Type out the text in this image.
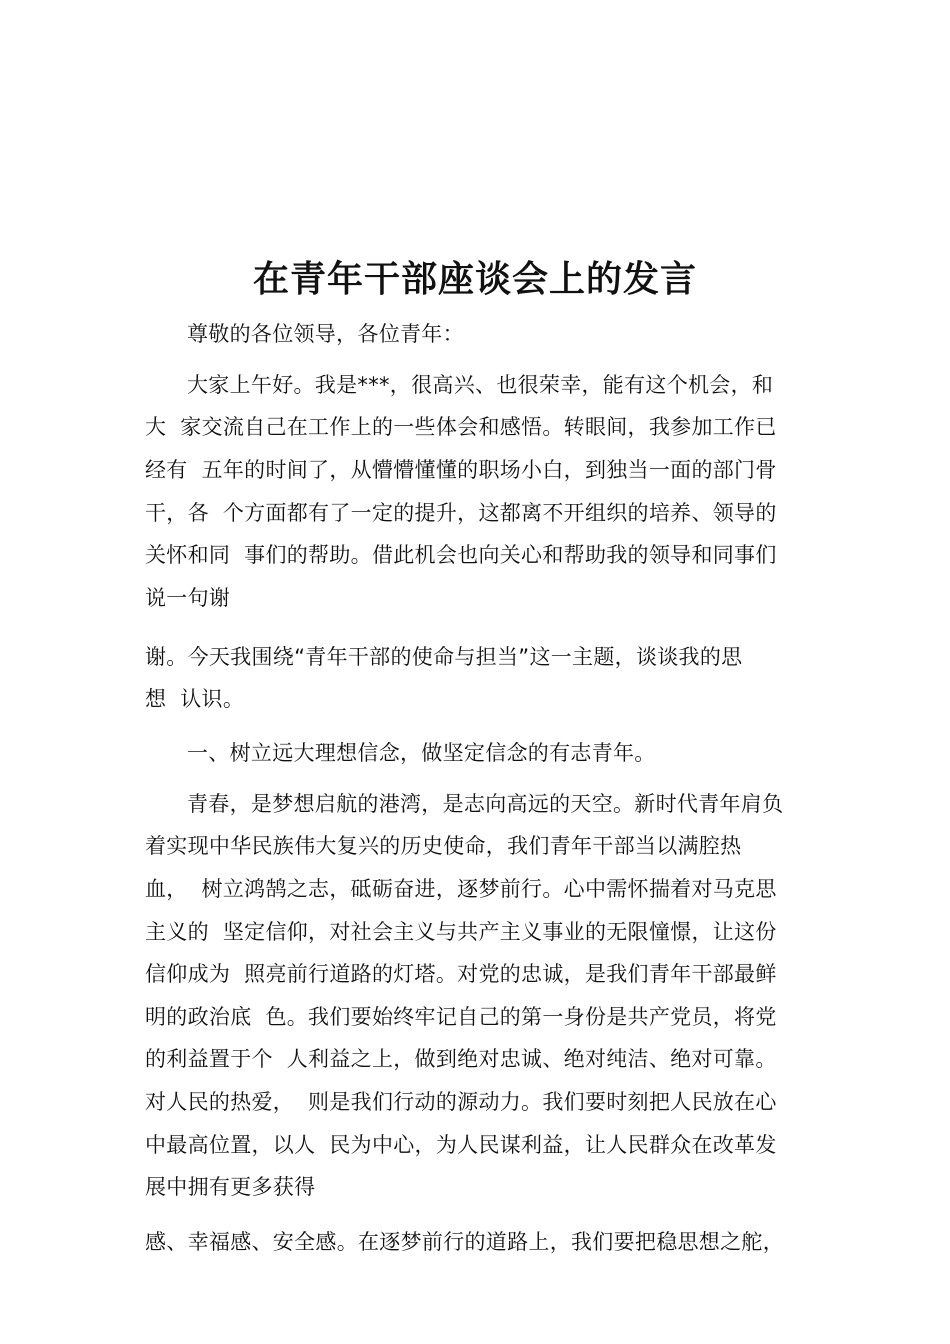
在青年干部座谈会上的发言

尊敬的各位领导，各位青年：

大家上午好。我是***，很高兴、也很荣幸，能有这个机会，和

大  家交流自己在工作上的一些体会和感悟。转眼间，我参加工作已

经有  五年的时间了，从懵懵懂懂的职场小白，到独当一面的部门骨

干，各  个方面都有了一定的提升，这都离不开组织的培养、领导的

关怀和同  事们的帮助。借此机会也向关心和帮助我的领导和同事们

说一句谢

谢。今天我围绕“青年干部的使命与担当”这一主题，谈谈我的思

想  认识。

一、树立远大理想信念，做坚定信念的有志青年。

青春，是梦想启航的港湾，是志向高远的天空。新时代青年肩负

着实现中华民族伟大复兴的历史使命，我们青年干部当以满腔热

血，  树立鸿鹄之志，砥砺奋进，逐梦前行。心中需怀揣着对马克思

主义的  坚定信仰，对社会主义与共产主义事业的无限憧憬，让这份

信仰成为  照亮前行道路的灯塔。对党的忠诚，是我们青年干部最鲜

明的政治底  色。我们要始终牢记自己的第一身份是共产党员，将党

的利益置于个  人利益之上，做到绝对忠诚、绝对纯洁、绝对可靠。

对人民的热爱，  则是我们行动的源动力。我们要时刻把人民放在心

中最高位置，以人  民为中心，为人民谋利益，让人民群众在改革发

展中拥有更多获得

感、幸福感、安全感。在逐梦前行的道路上，我们要把稳思想之舵，
